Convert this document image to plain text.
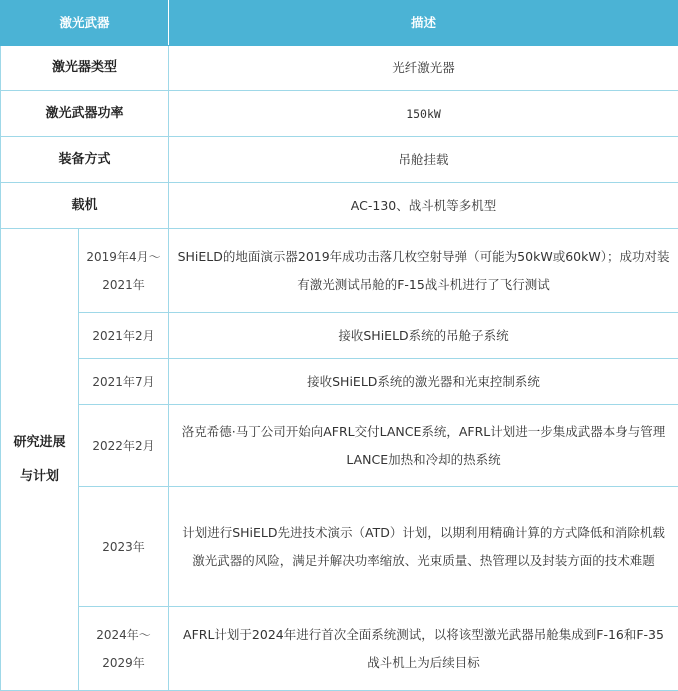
激光武器		描述
激光器类型		光纤激光器
激光武器功率		150kW
装备方式		吊舱挂载
载机		AC-130、战斗机等多机型
研究进展与计划	2019年4月～2021年	SHiELD的地面演示器2019年成功击落几枚空射导弹（可能为50kW或60kW）；成功对装有激光测试吊舱的F-15战斗机进行了飞行测试
	2021年2月	接收SHiELD系统的吊舱子系统
	2021年7月	接收SHiELD系统的激光器和光束控制系统
	2022年2月	洛克希德·马丁公司开始向AFRL交付LANCE系统，AFRL计划进一步集成武器本身与管理LANCE加热和冷却的热系统
	2023年	计划进行SHiELD先进技术演示（ATD）计划，以期利用精确计算的方式降低和消除机载激光武器的风险，满足并解决功率缩放、光束质量、热管理以及封装方面的技术难题
	2024年～2029年	AFRL计划于2024年进行首次全面系统测试，以将该型激光武器吊舱集成到F-16和F-35战斗机上为后续目标
